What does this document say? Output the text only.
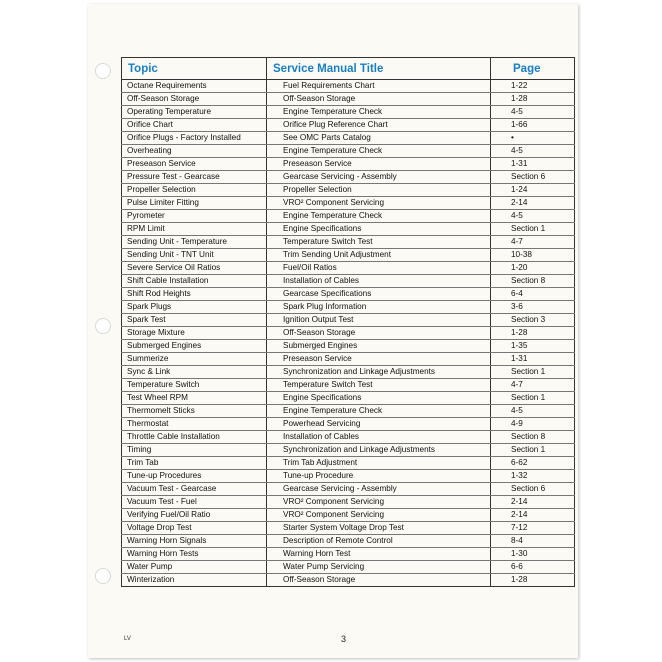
Topic	Service Manual Title	Page
Octane Requirements	Fuel Requirements Chart	1-22
Off-Season Storage	Off-Season Storage	1-28
Operating Temperature	Engine Temperature Check	4-5
Orifice Chart	Orifice Plug Reference Chart	1-66
Orifice Plugs - Factory Installed	See OMC Parts Catalog	•
Overheating	Engine Temperature Check	4-5
Preseason Service	Preseason Service	1-31
Pressure Test - Gearcase	Gearcase Servicing - Assembly	Section 6
Propeller Selection	Propeller Selection	1-24
Pulse Limiter Fitting	VRO² Component Servicing	2-14
Pyrometer	Engine Temperature Check	4-5
RPM Limit	Engine Specifications	Section 1
Sending Unit - Temperature	Temperature Switch Test	4-7
Sending Unit - TNT Unit	Trim Sending Unit Adjustment	10-38
Severe Service Oil Ratios	Fuel/Oil Ratios	1-20
Shift Cable Installation	Installation of Cables	Section 8
Shift Rod Heights	Gearcase Specifications	6-4
Spark Plugs	Spark Plug Information	3-6
Spark Test	Ignition Output Test	Section 3
Storage Mixture	Off-Season Storage	1-28
Submerged Engines	Submerged Engines	1-35
Summerize	Preseason Service	1-31
Sync & Link	Synchronization and Linkage Adjustments	Section 1
Temperature Switch	Temperature Switch Test	4-7
Test Wheel RPM	Engine Specifications	Section 1
Thermomelt Sticks	Engine Temperature Check	4-5
Thermostat	Powerhead Servicing	4-9
Throttle Cable Installation	Installation of Cables	Section 8
Timing	Synchronization and Linkage Adjustments	Section 1
Trim Tab	Trim Tab Adjustment	6-62
Tune-up Procedures	Tune-up Procedure	1-32
Vacuum Test - Gearcase	Gearcase Servicing - Assembly	Section 6
Vacuum Test - Fuel	VRO² Component Servicing	2-14
Verifying Fuel/Oil Ratio	VRO² Component Servicing	2-14
Voltage Drop Test	Starter System Voltage Drop Test	7-12
Warning Horn Signals	Description of Remote Control	8-4
Warning Horn Tests	Warning Horn Test	1-30
Water Pump	Water Pump Servicing	6-6
Winterization	Off-Season Storage	1-28
LV	3
